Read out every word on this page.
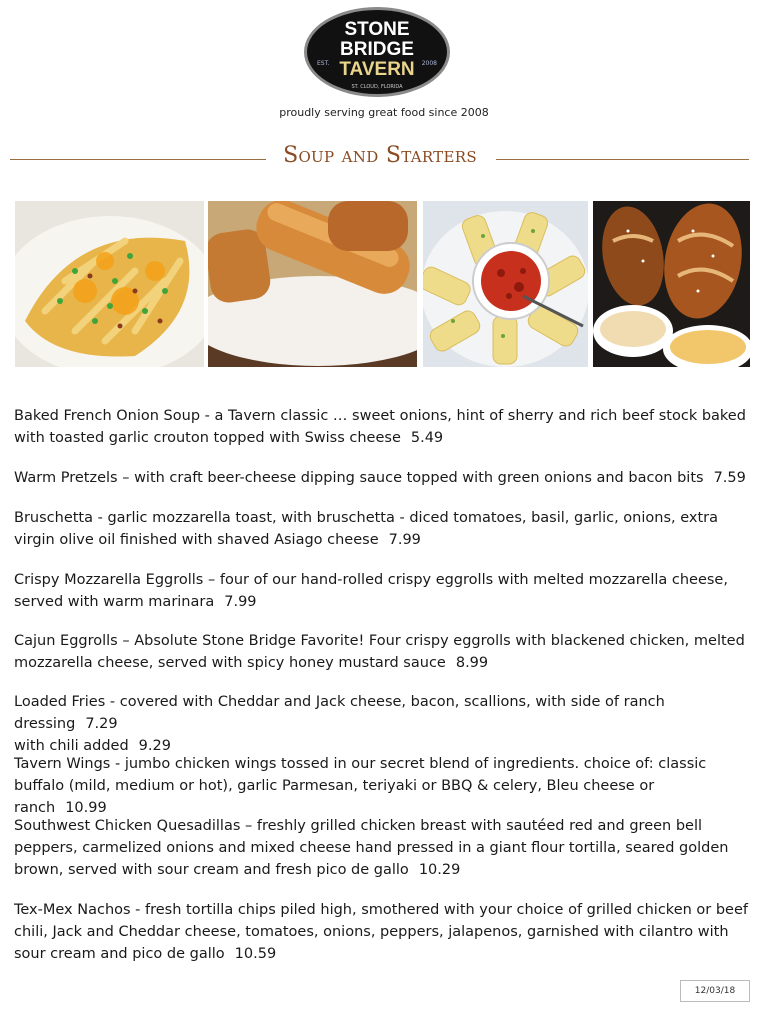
STONE
BRIDGE
TAVERN
EST.	2008
ST. CLOUD, FLORIDA
proudly serving great food since 2008
Soup and Starters
Baked French Onion Soup - a Tavern classic … sweet onions, hint of sherry and rich beef stock baked with toasted garlic crouton topped with Swiss cheese 5.49
Warm Pretzels – with craft beer-cheese dipping sauce topped with green onions and bacon bits 7.59
Bruschetta - garlic mozzarella toast, with bruschetta - diced tomatoes, basil, garlic, onions, extra virgin olive oil finished with shaved Asiago cheese 7.99
Crispy Mozzarella Eggrolls – four of our hand-rolled crispy eggrolls with melted mozzarella cheese, served with warm marinara 7.99
Cajun Eggrolls – Absolute Stone Bridge Favorite! Four crispy eggrolls with blackened chicken, melted mozzarella cheese, served with spicy honey mustard sauce 8.99
Loaded Fries - covered with Cheddar and Jack cheese, bacon, scallions, with side of ranch dressing 7.29
with chili added 9.29
Tavern Wings - jumbo chicken wings tossed in our secret blend of ingredients. choice of: classic buffalo (mild, medium or hot), garlic Parmesan, teriyaki or BBQ & celery, Bleu cheese or ranch 10.99
Southwest Chicken Quesadillas – freshly grilled chicken breast with sautéed red and green bell peppers, carmelized onions and mixed cheese hand pressed in a giant flour tortilla, seared golden brown, served with sour cream and fresh pico de gallo 10.29
Tex-Mex Nachos - fresh tortilla chips piled high, smothered with your choice of grilled chicken or beef chili, Jack and Cheddar cheese, tomatoes, onions, peppers, jalapenos, garnished with cilantro with sour cream and pico de gallo 10.59
12/03/18
